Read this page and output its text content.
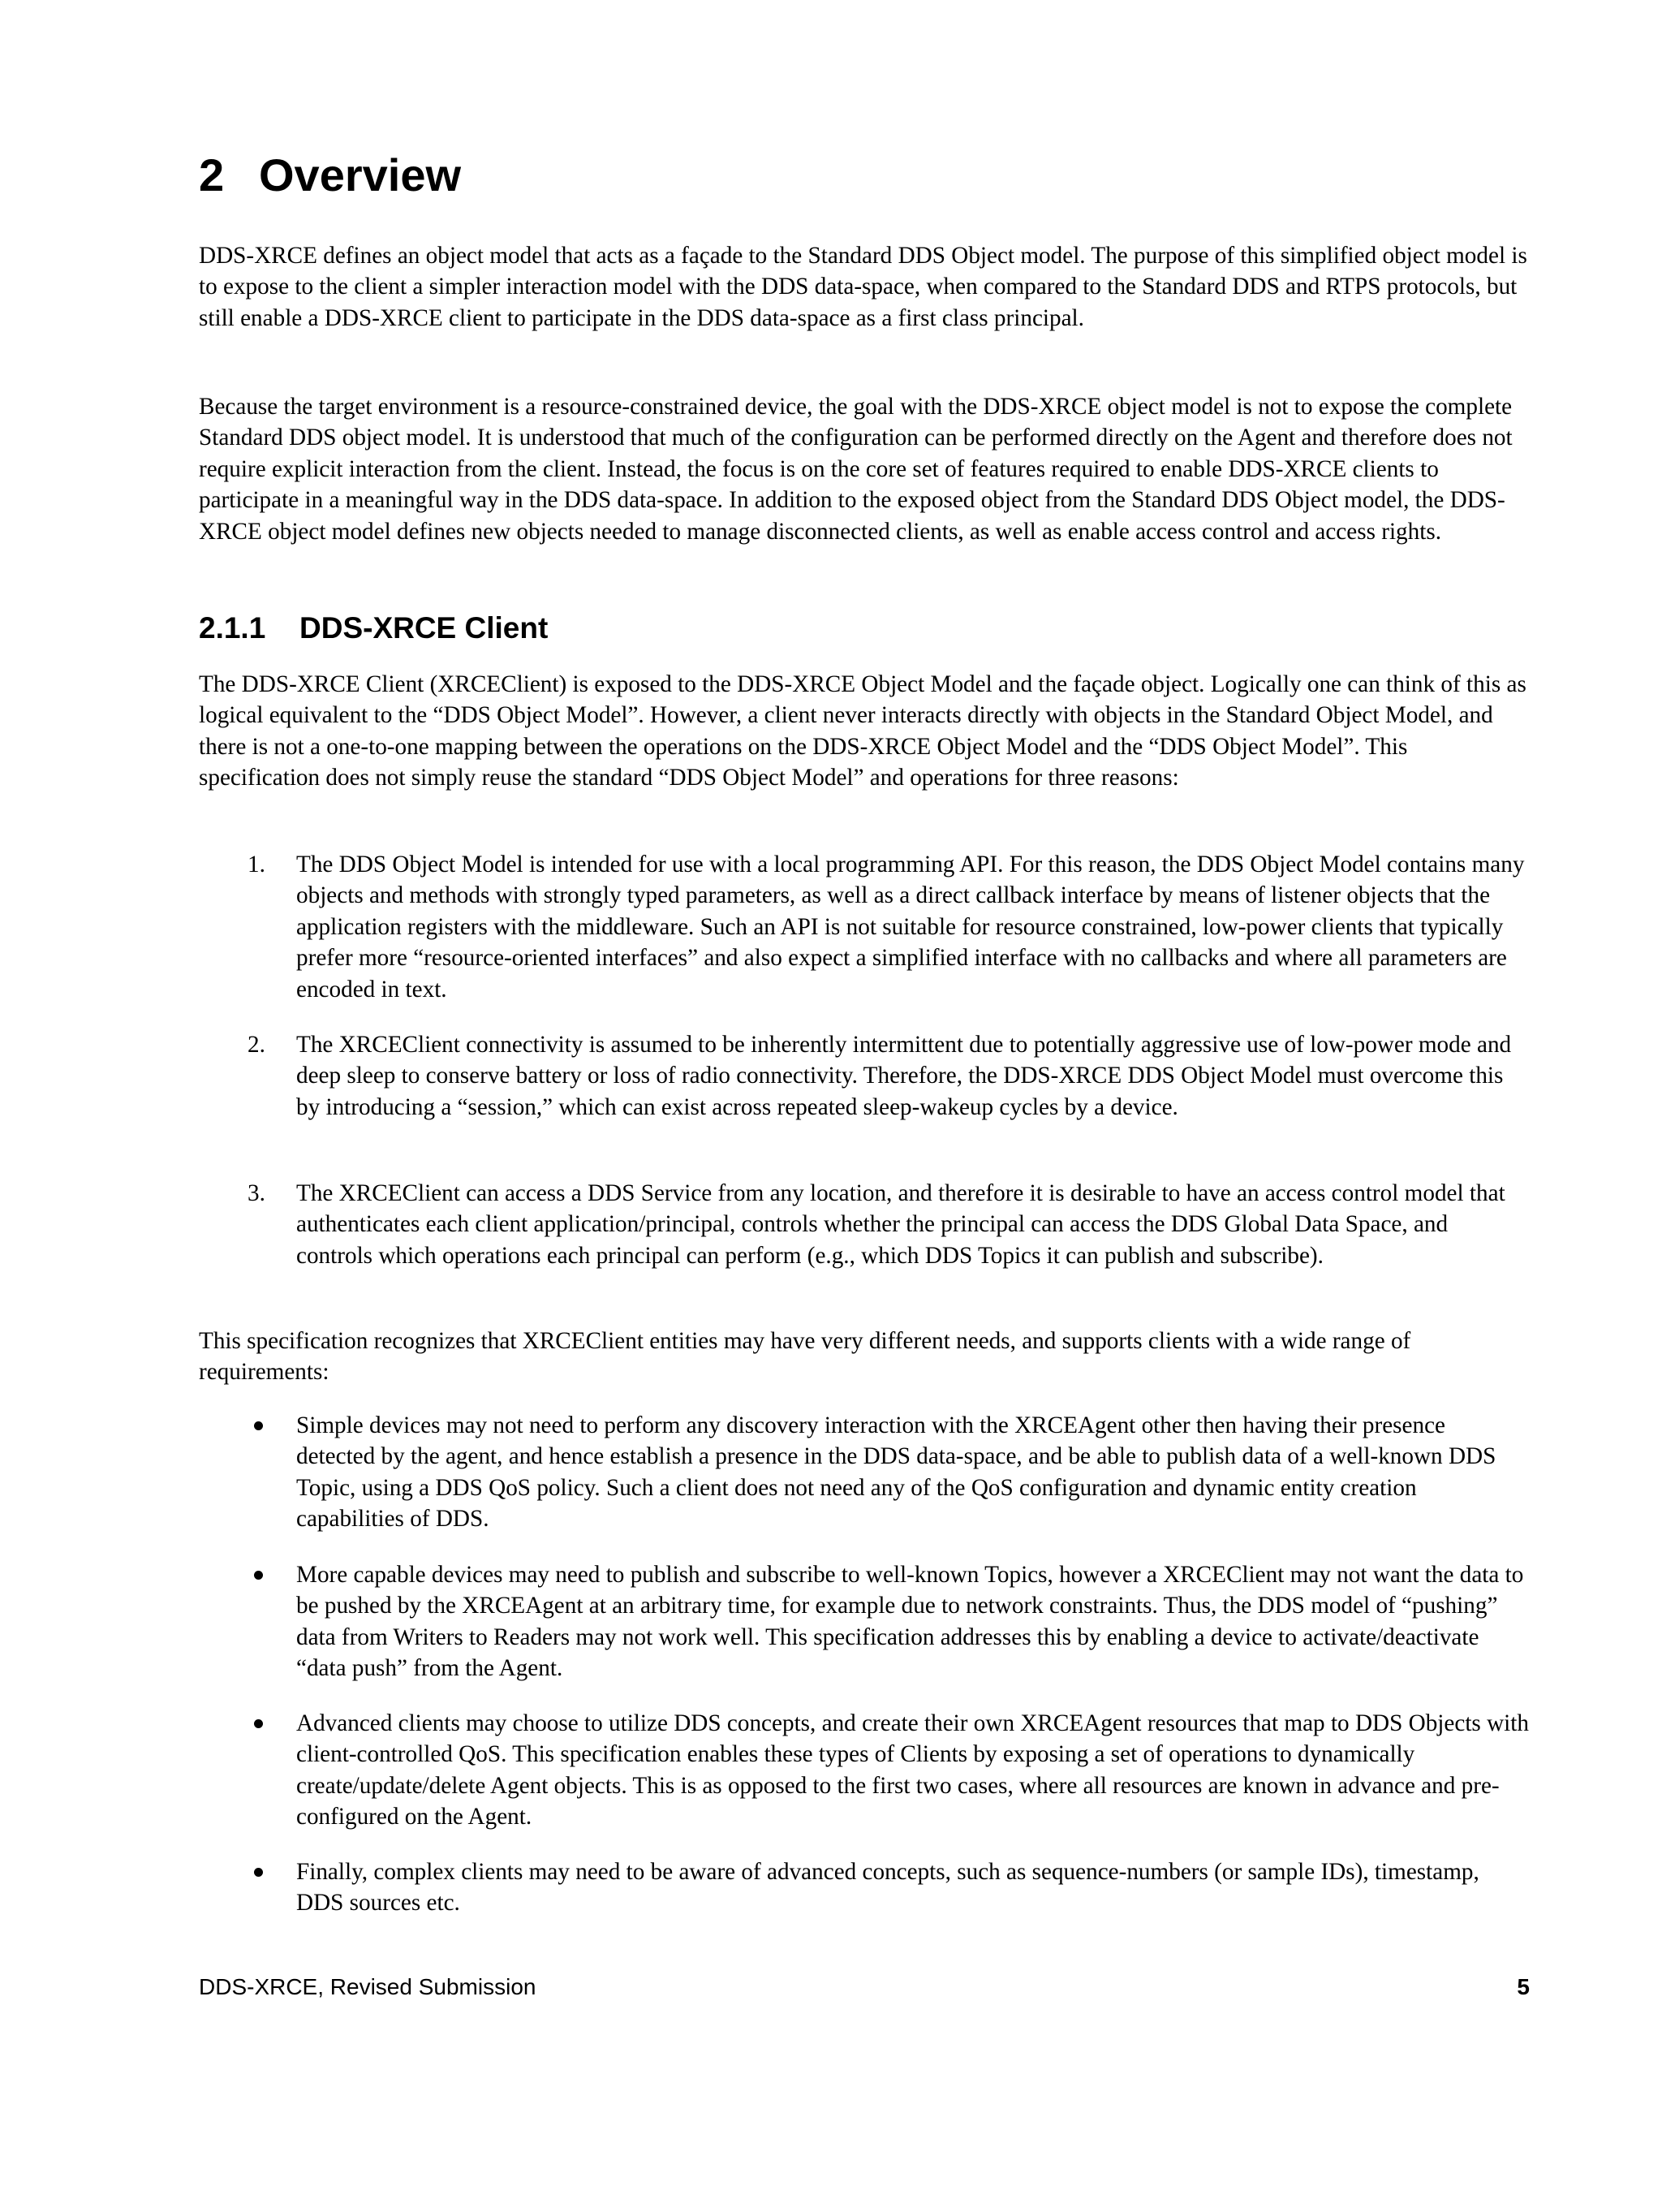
2 Overview

DDS-XRCE defines an object model that acts as a façade to the Standard DDS Object model. The purpose of this simplified object model is to expose to the client a simpler interaction model with the DDS data-space, when compared to the Standard DDS and RTPS protocols, but still enable a DDS-XRCE client to participate in the DDS data-space as a first class principal.

Because the target environment is a resource-constrained device, the goal with the DDS-XRCE object model is not to expose the complete Standard DDS object model. It is understood that much of the configuration can be performed directly on the Agent and therefore does not require explicit interaction from the client. Instead, the focus is on the core set of features required to enable DDS-XRCE clients to participate in a meaningful way in the DDS data-space. In addition to the exposed object from the Standard DDS Object model, the DDS-XRCE object model defines new objects needed to manage disconnected clients, as well as enable access control and access rights.

2.1.1 DDS-XRCE Client

The DDS-XRCE Client (XRCEClient) is exposed to the DDS-XRCE Object Model and the façade object. Logically one can think of this as logical equivalent to the “DDS Object Model”. However, a client never interacts directly with objects in the Standard Object Model, and there is not a one-to-one mapping between the operations on the DDS-XRCE Object Model and the “DDS Object Model”. This specification does not simply reuse the standard “DDS Object Model” and operations for three reasons:

1.	The DDS Object Model is intended for use with a local programming API. For this reason, the DDS Object Model contains many objects and methods with strongly typed parameters, as well as a direct callback interface by means of listener objects that the application registers with the middleware. Such an API is not suitable for resource constrained, low-power clients that typically prefer more “resource-oriented interfaces” and also expect a simplified interface with no callbacks and where all parameters are encoded in text.
2.	The XRCEClient connectivity is assumed to be inherently intermittent due to potentially aggressive use of low-power mode and deep sleep to conserve battery or loss of radio connectivity. Therefore, the DDS-XRCE DDS Object Model must overcome this by introducing a “session,” which can exist across repeated sleep-wakeup cycles by a device.
3.	The XRCEClient can access a DDS Service from any location, and therefore it is desirable to have an access control model that authenticates each client application/principal, controls whether the principal can access the DDS Global Data Space, and controls which operations each principal can perform (e.g., which DDS Topics it can publish and subscribe).

This specification recognizes that XRCEClient entities may have very different needs, and supports clients with a wide range of requirements:

Simple devices may not need to perform any discovery interaction with the XRCEAgent other then having their presence detected by the agent, and hence establish a presence in the DDS data-space, and be able to publish data of a well-known DDS Topic, using a DDS QoS policy. Such a client does not need any of the QoS configuration and dynamic entity creation capabilities of DDS.
More capable devices may need to publish and subscribe to well-known Topics, however a XRCEClient may not want the data to be pushed by the XRCEAgent at an arbitrary time, for example due to network constraints. Thus, the DDS model of “pushing” data from Writers to Readers may not work well. This specification addresses this by enabling a device to activate/deactivate “data push” from the Agent.
Advanced clients may choose to utilize DDS concepts, and create their own XRCEAgent resources that map to DDS Objects with client-controlled QoS. This specification enables these types of Clients by exposing a set of operations to dynamically create/update/delete Agent objects. This is as opposed to the first two cases, where all resources are known in advance and pre-configured on the Agent.
Finally, complex clients may need to be aware of advanced concepts, such as sequence-numbers (or sample IDs), timestamp, DDS sources etc.
DDS-XRCE, Revised Submission	5
